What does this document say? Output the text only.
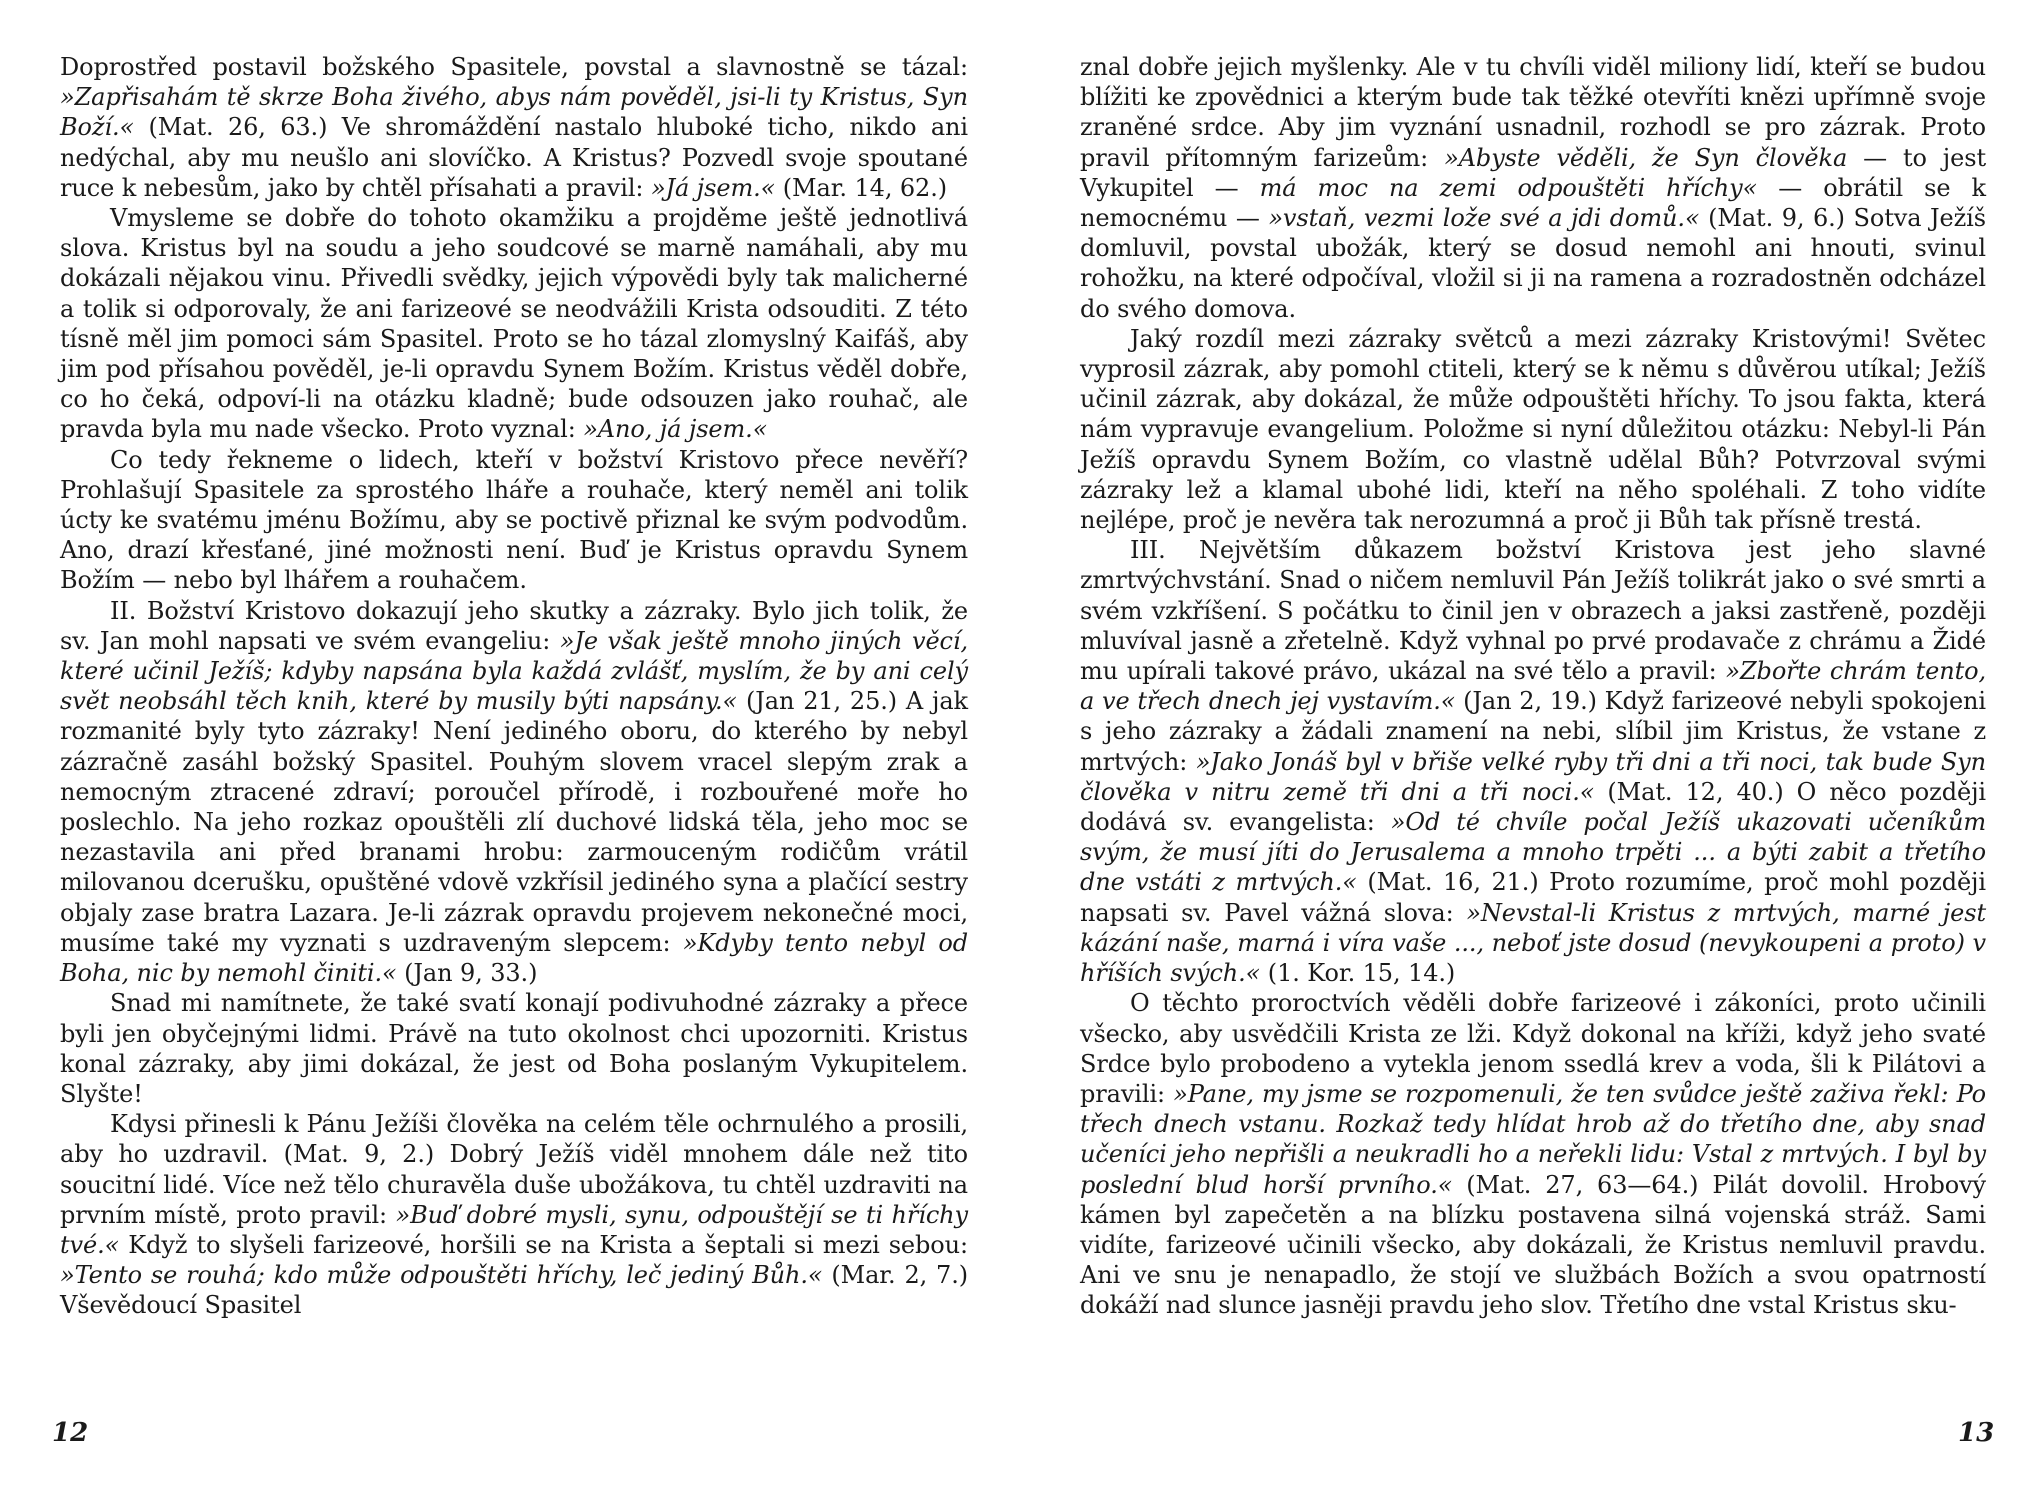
Doprostřed postavil božského Spasitele, povstal a slavnostně se tázal: »Zapřisahám tě skrze Boha živého, abys nám pověděl, jsi-li ty Kristus, Syn Boží.« (Mat. 26, 63.) Ve shromáždění nastalo hluboké ticho, nikdo ani nedýchal, aby mu neušlo ani slovíčko. A Kristus? Pozvedl svoje spoutané ruce k nebesům, jako by chtěl přísahati a pravil: »Já jsem.« (Mar. 14, 62.)

Vmysleme se dobře do tohoto okamžiku a projděme ještě jednotlivá slova. Kristus byl na soudu a jeho soudcové se marně namáhali, aby mu dokázali nějakou vinu. Přivedli svědky, jejich výpovědi byly tak malicherné a tolik si odporovaly, že ani farizeové se neodvážili Krista odsouditi. Z této tísně měl jim pomoci sám Spasitel. Proto se ho tázal zlomyslný Kaifáš, aby jim pod přísahou pověděl, je-li opravdu Synem Božím. Kristus věděl dobře, co ho čeká, odpoví-li na otázku kladně; bude odsouzen jako rouhač, ale pravda byla mu nade všecko. Proto vyznal: »Ano, já jsem.«

Co tedy řekneme o lidech, kteří v božství Kristovo přece nevěří? Prohlašují Spasitele za sprostého lháře a rouhače, který neměl ani tolik úcty ke svatému jménu Božímu, aby se poctivě přiznal ke svým podvodům. Ano, drazí křesťané, jiné možnosti není. Buď je Kristus opravdu Synem Božím — nebo byl lhářem a rouhačem.

II. Božství Kristovo dokazují jeho skutky a zázraky. Bylo jich tolik, že sv. Jan mohl napsati ve svém evangeliu: »Je však ještě mnoho jiných věcí, které učinil Ježíš; kdyby napsána byla každá zvlášť, myslím, že by ani celý svět neobsáhl těch knih, které by musily býti napsány.« (Jan 21, 25.) A jak rozmanité byly tyto zázraky! Není jediného oboru, do kterého by nebyl zázračně zasáhl božský Spasitel. Pouhým slovem vracel slepým zrak a nemocným ztracené zdraví; poroučel přírodě, i rozbouřené moře ho poslechlo. Na jeho rozkaz opouštěli zlí duchové lidská těla, jeho moc se nezastavila ani před branami hrobu: zarmouceným rodičům vrátil milovanou dcerušku, opuštěné vdově vzkřísil jediného syna a plačící sestry objaly zase bratra Lazara. Je-li zázrak opravdu projevem nekonečné moci, musíme také my vyznati s uzdraveným slepcem: »Kdyby tento nebyl od Boha, nic by nemohl činiti.« (Jan 9, 33.)

Snad mi namítnete, že také svatí konají podivuhodné zázraky a přece byli jen obyčejnými lidmi. Právě na tuto okolnost chci upozorniti. Kristus konal zázraky, aby jimi dokázal, že jest od Boha poslaným Vykupitelem. Slyšte!

Kdysi přinesli k Pánu Ježíši člověka na celém těle ochrnulého a prosili, aby ho uzdravil. (Mat. 9, 2.) Dobrý Ježíš viděl mnohem dále než tito soucitní lidé. Více než tělo churavěla duše ubožákova, tu chtěl uzdraviti na prvním místě, proto pravil: »Buď dobré mysli, synu, odpouštějí se ti hříchy tvé.« Když to slyšeli farizeové, horšili se na Krista a šeptali si mezi sebou: »Tento se rouhá; kdo může odpouštěti hříchy, leč jediný Bůh.« (Mar. 2, 7.) Vševědoucí Spasitel

znal dobře jejich myšlenky. Ale v tu chvíli viděl miliony lidí, kteří se budou blížiti ke zpovědnici a kterým bude tak těžké otevříti knězi upřímně svoje zraněné srdce. Aby jim vyznání usnadnil, rozhodl se pro zázrak. Proto pravil přítomným farizeům: »Abyste věděli, že Syn člověka — to jest Vykupitel — má moc na zemi odpouštěti hříchy« — obrátil se k nemocnému — »vstaň, vezmi lože své a jdi domů.« (Mat. 9, 6.) Sotva Ježíš domluvil, povstal ubožák, který se dosud nemohl ani hnouti, svinul rohožku, na které odpočíval, vložil si ji na ramena a rozradostněn odcházel do svého domova.

Jaký rozdíl mezi zázraky světců a mezi zázraky Kristovými! Světec vyprosil zázrak, aby pomohl ctiteli, který se k němu s důvěrou utíkal; Ježíš učinil zázrak, aby dokázal, že může odpouštěti hříchy. To jsou fakta, která nám vypravuje evangelium. Položme si nyní důležitou otázku: Nebyl-li Pán Ježíš opravdu Synem Božím, co vlastně udělal Bůh? Potvrzoval svými zázraky lež a klamal ubohé lidi, kteří na něho spoléhali. Z toho vidíte nejlépe, proč je nevěra tak nerozumná a proč ji Bůh tak přísně trestá.

III. Největším důkazem božství Kristova jest jeho slavné zmrtvýchvstání. Snad o ničem nemluvil Pán Ježíš tolikrát jako o své smrti a svém vzkříšení. S počátku to činil jen v obrazech a jaksi zastřeně, později mluvíval jasně a zřetelně. Když vyhnal po prvé prodavače z chrámu a Židé mu upírali takové právo, ukázal na své tělo a pravil: »Zbořte chrám tento, a ve třech dnech jej vystavím.« (Jan 2, 19.) Když farizeové nebyli spokojeni s jeho zázraky a žádali znamení na nebi, slíbil jim Kristus, že vstane z mrtvých: »Jako Jonáš byl v břiše velké ryby tři dni a tři noci, tak bude Syn člověka v nitru země tři dni a tři noci.« (Mat. 12, 40.) O něco později dodává sv. evangelista: »Od té chvíle počal Ježíš ukazovati učeníkům svým, že musí jíti do Jerusalema a mnoho trpěti ... a býti zabit a třetího dne vstáti z mrtvých.« (Mat. 16, 21.) Proto rozumíme, proč mohl později napsati sv. Pavel vážná slova: »Nevstal-li Kristus z mrtvých, marné jest kázání naše, marná i víra vaše ..., neboť jste dosud (nevykoupeni a proto) v hříších svých.« (1. Kor. 15, 14.)

O těchto proroctvích věděli dobře farizeové i zákoníci, proto učinili všecko, aby usvědčili Krista ze lži. Když dokonal na kříži, když jeho svaté Srdce bylo probodeno a vytekla jenom ssedlá krev a voda, šli k Pilátovi a pravili: »Pane, my jsme se rozpomenuli, že ten svůdce ještě zaživa řekl: Po třech dnech vstanu. Rozkaž tedy hlídat hrob až do třetího dne, aby snad učeníci jeho nepřišli a neukradli ho a neřekli lidu: Vstal z mrtvých. I byl by poslední blud horší prvního.« (Mat. 27, 63—64.) Pilát dovolil. Hrobový kámen byl zapečetěn a na blízku postavena silná vojenská stráž. Sami vidíte, farizeové učinili všecko, aby dokázali, že Kristus nemluvil pravdu. Ani ve snu je nenapadlo, že stojí ve službách Božích a svou opatrností dokáží nad slunce jasněji pravdu jeho slov. Třetího dne vstal Kristus sku-

12	13
